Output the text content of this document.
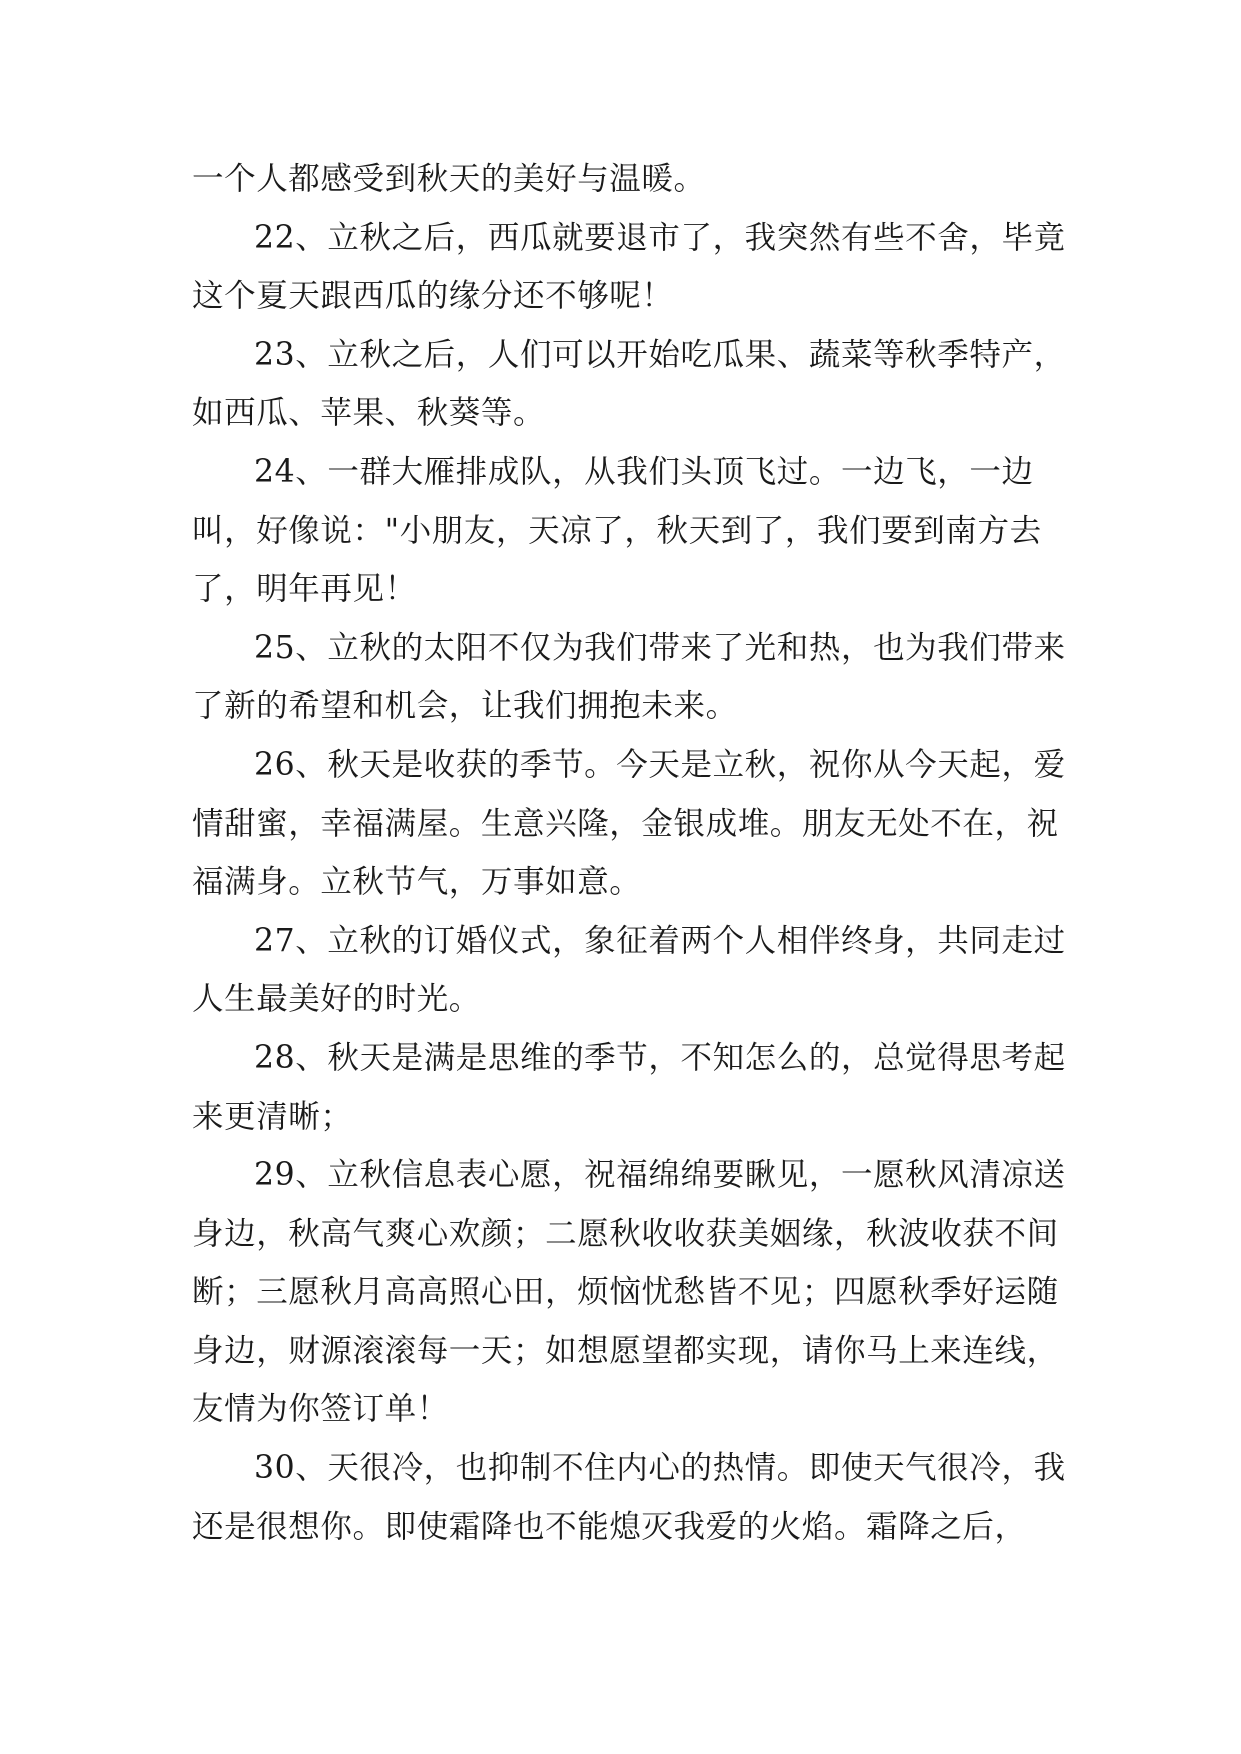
一个人都感受到秋天的美好与温暖。

22、立秋之后，西瓜就要退市了，我突然有些不舍，毕竟这个夏天跟西瓜的缘分还不够呢！

23、立秋之后，人们可以开始吃瓜果、蔬菜等秋季特产，如西瓜、苹果、秋葵等。

24、一群大雁排成队，从我们头顶飞过。一边飞，一边叫，好像说："小朋友，天凉了，秋天到了，我们要到南方去了，明年再见！

25、立秋的太阳不仅为我们带来了光和热，也为我们带来了新的希望和机会，让我们拥抱未来。

26、秋天是收获的季节。今天是立秋，祝你从今天起，爱情甜蜜，幸福满屋。生意兴隆，金银成堆。朋友无处不在，祝福满身。立秋节气，万事如意。

27、立秋的订婚仪式，象征着两个人相伴终身，共同走过人生最美好的时光。

28、秋天是满是思维的季节，不知怎么的，总觉得思考起来更清晰；

29、立秋信息表心愿，祝福绵绵要瞅见，一愿秋风清凉送身边，秋高气爽心欢颜；二愿秋收收获美姻缘，秋波收获不间断；三愿秋月高高照心田，烦恼忧愁皆不见；四愿秋季好运随身边，财源滚滚每一天；如想愿望都实现，请你马上来连线，友情为你签订单！

30、天很冷，也抑制不住内心的热情。即使天气很冷，我还是很想你。即使霜降也不能熄灭我爱的火焰。霜降之后，
